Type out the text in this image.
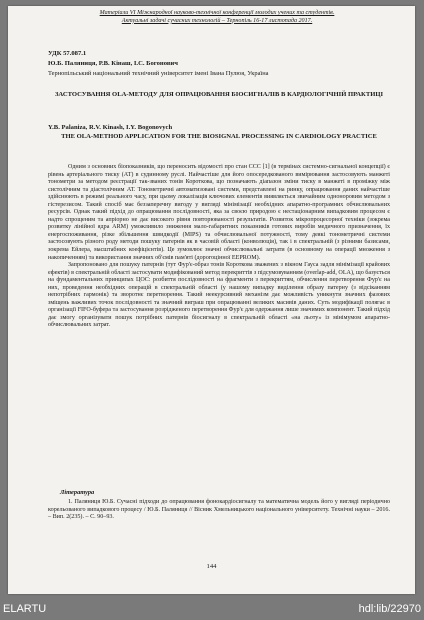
Матеріали VI Міжнародної науково-технічної конференції молодих учених та студентів.
Актуальні задачі сучасних технологій – Тернопіль 16-17 листопада 2017.
УДК 57.087.1
Ю.Б. Паляниця, Р.В. Кінаш, І.С. Богонович
Тернопільський національний технічний університет імені Івана Пулюя, Україна
ЗАСТОСУВАННЯ OLA-МЕТОДУ ДЛЯ ОПРАЦЮВАННЯ БІОСИГНАЛІВ В КАРДІОЛОГІЧНІЙ ПРАКТИЦІ
Y.B. Palaniza, R.V. Kinash, I.Y. Bogonovych
THE OLA-METHOD APPLICATION FOR THE BIOSIGNAL PROCESSING IN CARDIOLOGY PRACTICE

Одним з основних біопоказників, що переносить відомості про стан ССС [1] (в термінах системно-сигнальної концепції) є рівень артеріального тиску (АТ) в судинному руслі. Найчастіше для його опосередкованого вимірювання застосовують манжеті тонометри за методом реєстрації так-званих тонів Короткова, що позначають діапазон зміни тиску в манжеті в проміжку між систолічним та діастолічним АТ. Тонометричні автоматизовані системи, представлені на ринку, опрацювання даних найчастіше здійснюють в режимі реального часу, при цьому локалізація ключових елементів виявляється звичайним одноноровим методом з гістерезисом. Такий спосіб має беззаперечну вигоду у вигляді мінімізації необхідних апаратно-програмних обчислювальних ресурсів. Однак такий підхід до опрацювання послідовності, яка за своєю природою є нестаціонарним випадковим процесом є надто спрощеним та апріорно не дає високого рівня повторюваності результатів. Розвиток мікропроцесорної техніки (зокрема розвитку лінійної ядра ARM) уможливило зниження мало-габаритних показників готових виробів медичного призначення, їх енергоспоживання, різке збільшення швидкодії (MIPS) та обчислювальної потужності, тому деякі тонометричні системи застосовують різного роду методи пошуку патернів як в часовій області (конволюція), так і в спектральній (з різними базисами, зокрема Ейлера, масштабних коефіцієнтів). Це зумовлює значні обчислювальні затрати (в основному на операції множення з накопиченням) та використання значних об'ємів пам'яті (дорогоцінної EEPROM).

Запропоновано для пошуку патернів (тут Фур'є-образ тонів Короткова зважених з вікном Гауса задля мінімізації крайових ефектів) в спектральній області застосувати модифікований метод перекриттів з підсумовуванням (overlap-add, OLA), що базується на фундаментальних принципах ЦОС: розбиття послідовності на фрагменти з перекриттям, обчислення перетворення Фур'є на них, проведення необхідних операцій в спектральній області (у нашому випадку виділення образу патерну (з відсіканням непотрібних гармонік) та зворотнє перетворення. Такий неекурсивний механізм дає можливість уникнути значних фазових зміщень важливих точок послідовності та значний виграш при опрацюванні великих масивів даних. Суть модифікації полягає в організації FIFO-буфера та застосування розрідженого перетворення Фур'є для одержання лише значимих компонент. Такий підхід дає змогу організувати пошук потрібних патернів біосигналу в спектральній області «на льоту» із мінімумом апаратно-обчислювальних затрат.

Література
1. Паляниця Ю.Б. Сучасні підходи до опрацювання фонокардіосигналу та математична модель його у вигляді періодично корельованого випадкового процесу / Ю.Б. Паляниця // Вісник Хмельницького національного університету. Технічні науки – 2016. – Вип. 2(235). – С. 90–93.
144
ELARTU	hdl:lib/22970
